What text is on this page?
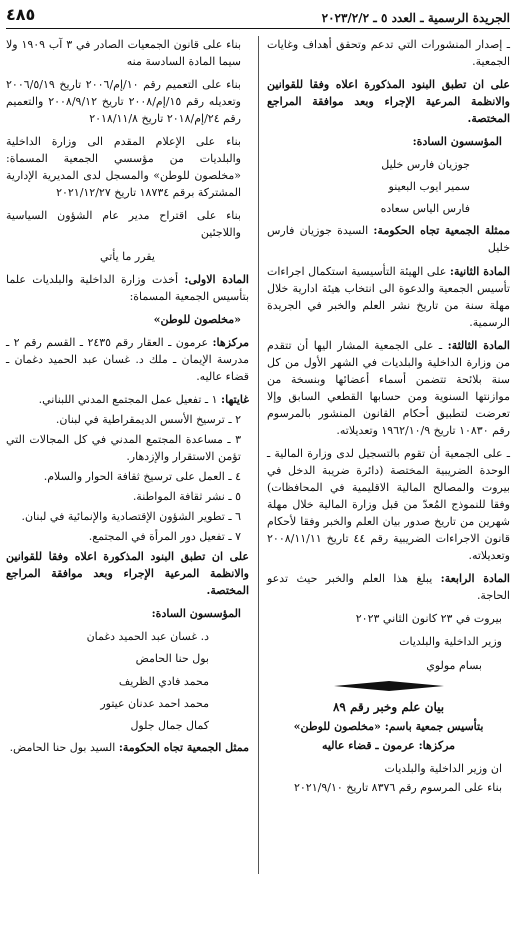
الجريدة الرسمية ـ العدد ٥ ـ ٢٠٢٣/٢/٢
٤٨٥

ـ إصدار المنشورات التي تدعم وتحقق أهداف وغايات الجمعية.

على ان تطبق البنود المذكورة اعلاه وفقا للقوانين والانظمة المرعية الإجراء وبعد موافقة المراجع المختصة.

المؤسسون السادة:

جوزيان فارس خليل

سمير ايوب البعينو

فارس الياس سعاده

ممثلة الجمعية تجاه الحكومة: السيدة جوزيان فارس خليل

المادة الثانية: على الهيئة التأسيسية استكمال اجراءات تأسيس الجمعية والدعوة الى انتخاب هيئة ادارية خلال مهلة سنة من تاريخ نشر العلم والخبر في الجريدة الرسمية.

المادة الثالثة: ـ على الجمعية المشار اليها أن تتقدم من وزارة الداخلية والبلديات في الشهر الأول من كل سنة بلائحة تتضمن أسماء أعضائها وبنسخة من موازنتها السنوية ومن حسابها القطعي السابق وإلا تعرضت لتطبيق أحكام القانون المنشور بالمرسوم رقم ١٠٨٣٠ تاريخ ١٩٦٢/١٠/٩ وتعديلاته.

ـ على الجمعية أن تقوم بالتسجيل لدى وزارة المالية ـ الوحدة الضريبية المختصة (دائرة ضريبة الدخل في بيروت والمصالح المالية الاقليمية في المحافظات) وفقا للنموذج المُعدّ من قبل وزارة المالية خلال مهلة شهرين من تاريخ صدور بيان العلم والخبر وفقا لأحكام قانون الاجراءات الضريبية رقم ٤٤ تاريخ ٢٠٠٨/١١/١١ وتعديلاته.

المادة الرابعة: يبلغ هذا العلم والخبر حيث تدعو الحاجة.

بيروت في ٢٣ كانون الثاني ٢٠٢٣

وزير الداخلية والبلديات

بسام مولوي

بيان علم وخبر رقم ٨٩

بتأسيس جمعية باسم: «مخلصون للوطن»

مركزها: عرمون ـ قضاء عاليه

ان وزير الداخلية والبلديات

بناء على المرسوم رقم ٨٣٧٦ تاريخ ٢٠٢١/٩/١٠

بناء على قانون الجمعيات الصادر في ٣ آب ١٩٠٩ ولا سيما المادة السادسة منه

بناء على التعميم رقم ١٠/إم/٢٠٠٦ تاريخ ٢٠٠٦/٥/١٩ وتعديله رقم ١٥/إم/٢٠٠٨ تاريخ ٢٠٠٨/٩/١٢ والتعميم رقم ٢٤/إم/٢٠١٨ تاريخ ٢٠١٨/١١/٨

بناء على الإعلام المقدم الى وزارة الداخلية والبلديات من مؤسسي الجمعية المسماة: «مخلصون للوطن» والمسجل لدى المديرية الإدارية المشتركة برقم ١٨٧٣٤ تاريخ ٢٠٢١/١٢/٢٧

بناء على اقتراح مدير عام الشؤون السياسية واللاجئين

يقرر ما يأتي

المادة الاولى: أخذت وزارة الداخلية والبلديات علما بتأسيس الجمعية المسماة:

«مخلصون للوطن»

مركزها: عرمون ـ العقار رقم ٢٤٣٥ ـ القسم رقم ٢ ـ مدرسة الإيمان ـ ملك د. غسان عبد الحميد دغمان ـ قضاء عاليه.

غايتها: ١ ـ تفعيل عمل المجتمع المدني اللبناني.

٢ ـ ترسيخ الأسس الديمقراطية في لبنان.

٣ ـ مساعدة المجتمع المدني في كل المجالات التي تؤمن الاستقرار والإزدهار.

٤ ـ العمل على ترسيخ ثقافة الحوار والسلام.

٥ ـ نشر ثقافة المواطنة.

٦ ـ تطوير الشؤون الإقتصادية والإنمائية في لبنان.

٧ ـ تفعيل دور المرأة في المجتمع.

على ان تطبق البنود المذكورة اعلاه وفقا للقوانين والانظمة المرعية الإجراء وبعد موافقة المراجع المختصة.

المؤسسون السادة:

د. غسان عبد الحميد دغمان

بول حنا الحامض

محمد فادي الظريف

محمد احمد عدنان عيتور

كمال جمال جلول

ممثل الجمعية تجاه الحكومة: السيد بول حنا الحامض.
